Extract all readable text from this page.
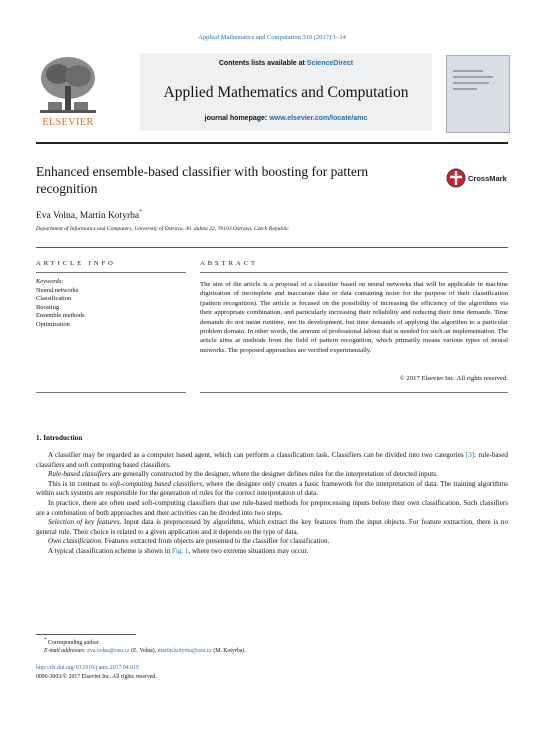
Applied Mathematics and Computation 310 (2017) 1–14
Contents lists available at ScienceDirect
Applied Mathematics and Computation
journal homepage: www.elsevier.com/locate/amc
ELSEVIER
Enhanced ensemble-based classifier with boosting for pattern recognition
CrossMark
Eva Volna, Martin Kotyrba*
Department of Informatics and Computers, University of Ostrava, 30. dubna 22, 70103 Ostrava, Czech Republic
ARTICLE INFO	ABSTRACT
Keywords:
Neural networks
Classification
Boosting
Ensemble methods
Optimization
The aim of the article is a proposal of a classifier based on neural networks that will be applicable in machine digitization of incomplete and inaccurate data or data containing noise for the purpose of their classification (pattern recognition). The article is focused on the possibility of increasing the efficiency of the algorithms via their appropriate combination, and particularly increasing their reliability and reducing their time demands. Time demands do not mean runtime, nor its development, but time demands of applying the algorithm to a particular problem domain. In other words, the amount of professional labour that is needed for such an implementation. The article aims at methods from the field of pattern recognition, which primarily means various types of neural networks. The proposed approaches are verified experimentally.
© 2017 Elsevier Inc. All rights reserved.
1. Introduction

A classifier may be regarded as a computer based agent, which can perform a classification task. Classifiers can be divided into two categories [3]: rule-based classifiers and soft computing based classifiers.

Rule-based classifiers are generally constructed by the designer, where the designer defines rules for the interpretation of detected inputs.

This is in contrast to soft-computing based classifiers, where the designer only creates a basic framework for the interpretation of data. The training algorithms within such systems are responsible for the generation of rules for the correct interpretation of data.

In practice, there are often used soft-computing classifiers that use rule-based methods for preprocessing inputs before their own classification. Such classifiers are a combination of both approaches and their activities can be divided into two steps.

Selection of key features. Input data is preprocessed by algorithms, which extract the key features from the input objects. For feature extraction, there is no general rule. Their choice is related to a given application and it depends on the type of data.

Own classification. Features extracted from objects are presented to the classifier for classification.

A typical classification scheme is shown in Fig. 1, where two extreme situations may occur.

* Corresponding author.
E-mail addresses: eva.volna@osu.cz (E. Volna), martin.kotyrba@osu.cz (M. Kotyrba).
http://dx.doi.org/10.1016/j.amc.2017.04.019
0096-3003/© 2017 Elsevier Inc. All rights reserved.
